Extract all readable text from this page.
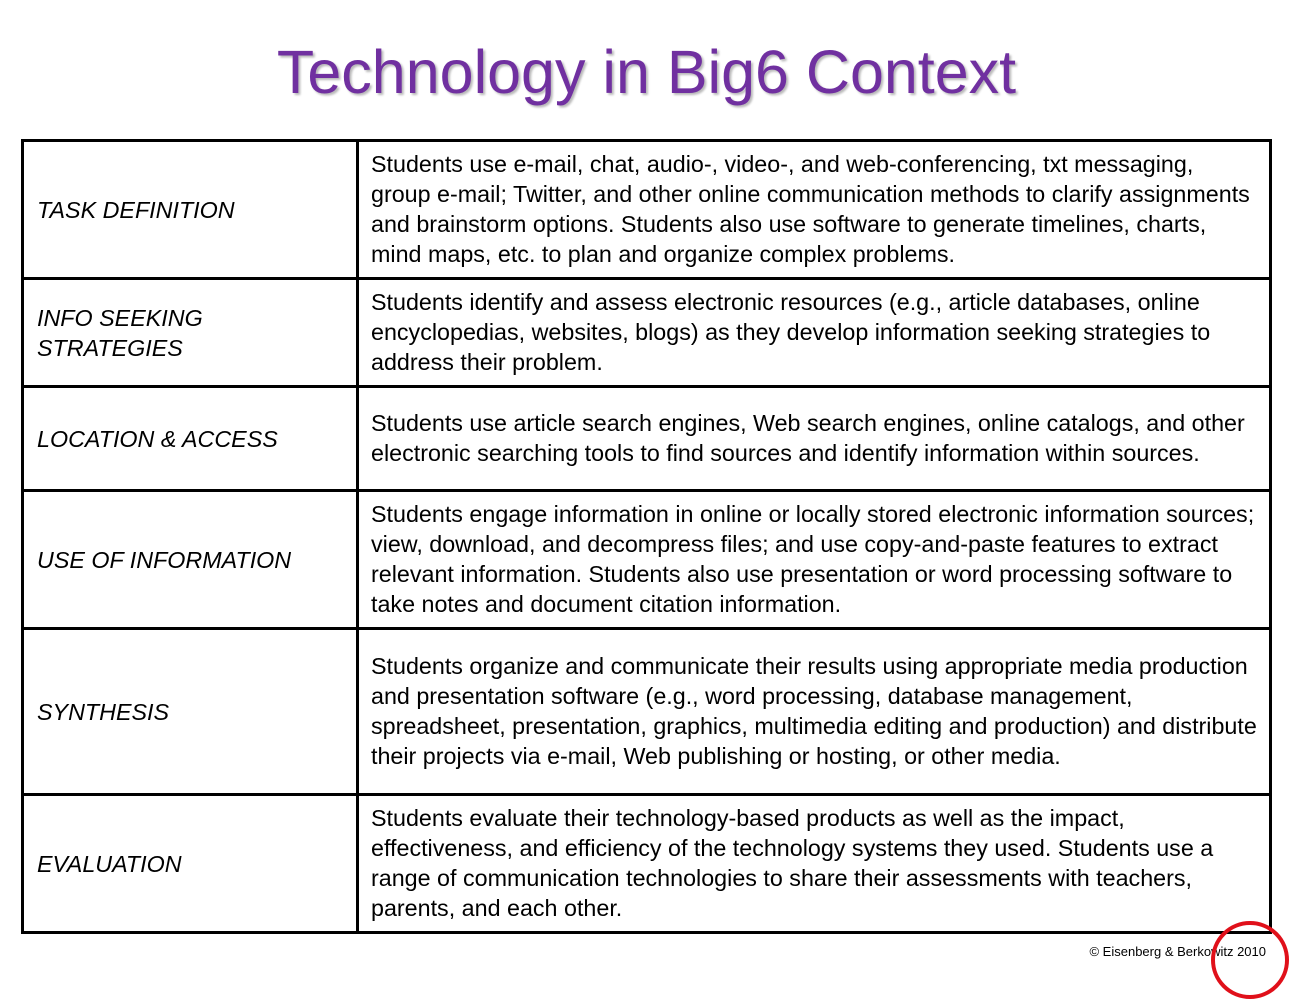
Technology in Big6 Context
TASK DEFINITION	Students use e-mail, chat, audio-, video-, and web-conferencing, txt messaging, group e-mail; Twitter, and other online communication methods to clarify assignments and brainstorm options. Students also use software to generate timelines, charts, mind maps, etc. to plan and organize complex problems.
INFO SEEKING STRATEGIES	Students identify and assess electronic resources (e.g., article databases, online encyclopedias, websites, blogs) as they develop information seeking strategies to address their problem.
LOCATION & ACCESS	Students use article search engines, Web search engines, online catalogs, and other electronic searching tools to find sources and identify information within sources.
USE OF INFORMATION	Students engage information in online or locally stored electronic information sources; view, download, and decompress files; and use copy-and-paste features to extract relevant information. Students also use presentation or word processing software to take notes and document citation information.
SYNTHESIS	Students organize and communicate their results using appropriate media production and presentation software (e.g., word processing, database management, spreadsheet, presentation, graphics, multimedia editing and production) and distribute their projects via e-mail, Web publishing or hosting, or other media.
EVALUATION	Students evaluate their technology-based products as well as the impact, effectiveness, and efficiency of the technology systems they used. Students use a range of communication technologies to share their assessments with teachers, parents, and each other.
© Eisenberg & Berkowitz 2010
